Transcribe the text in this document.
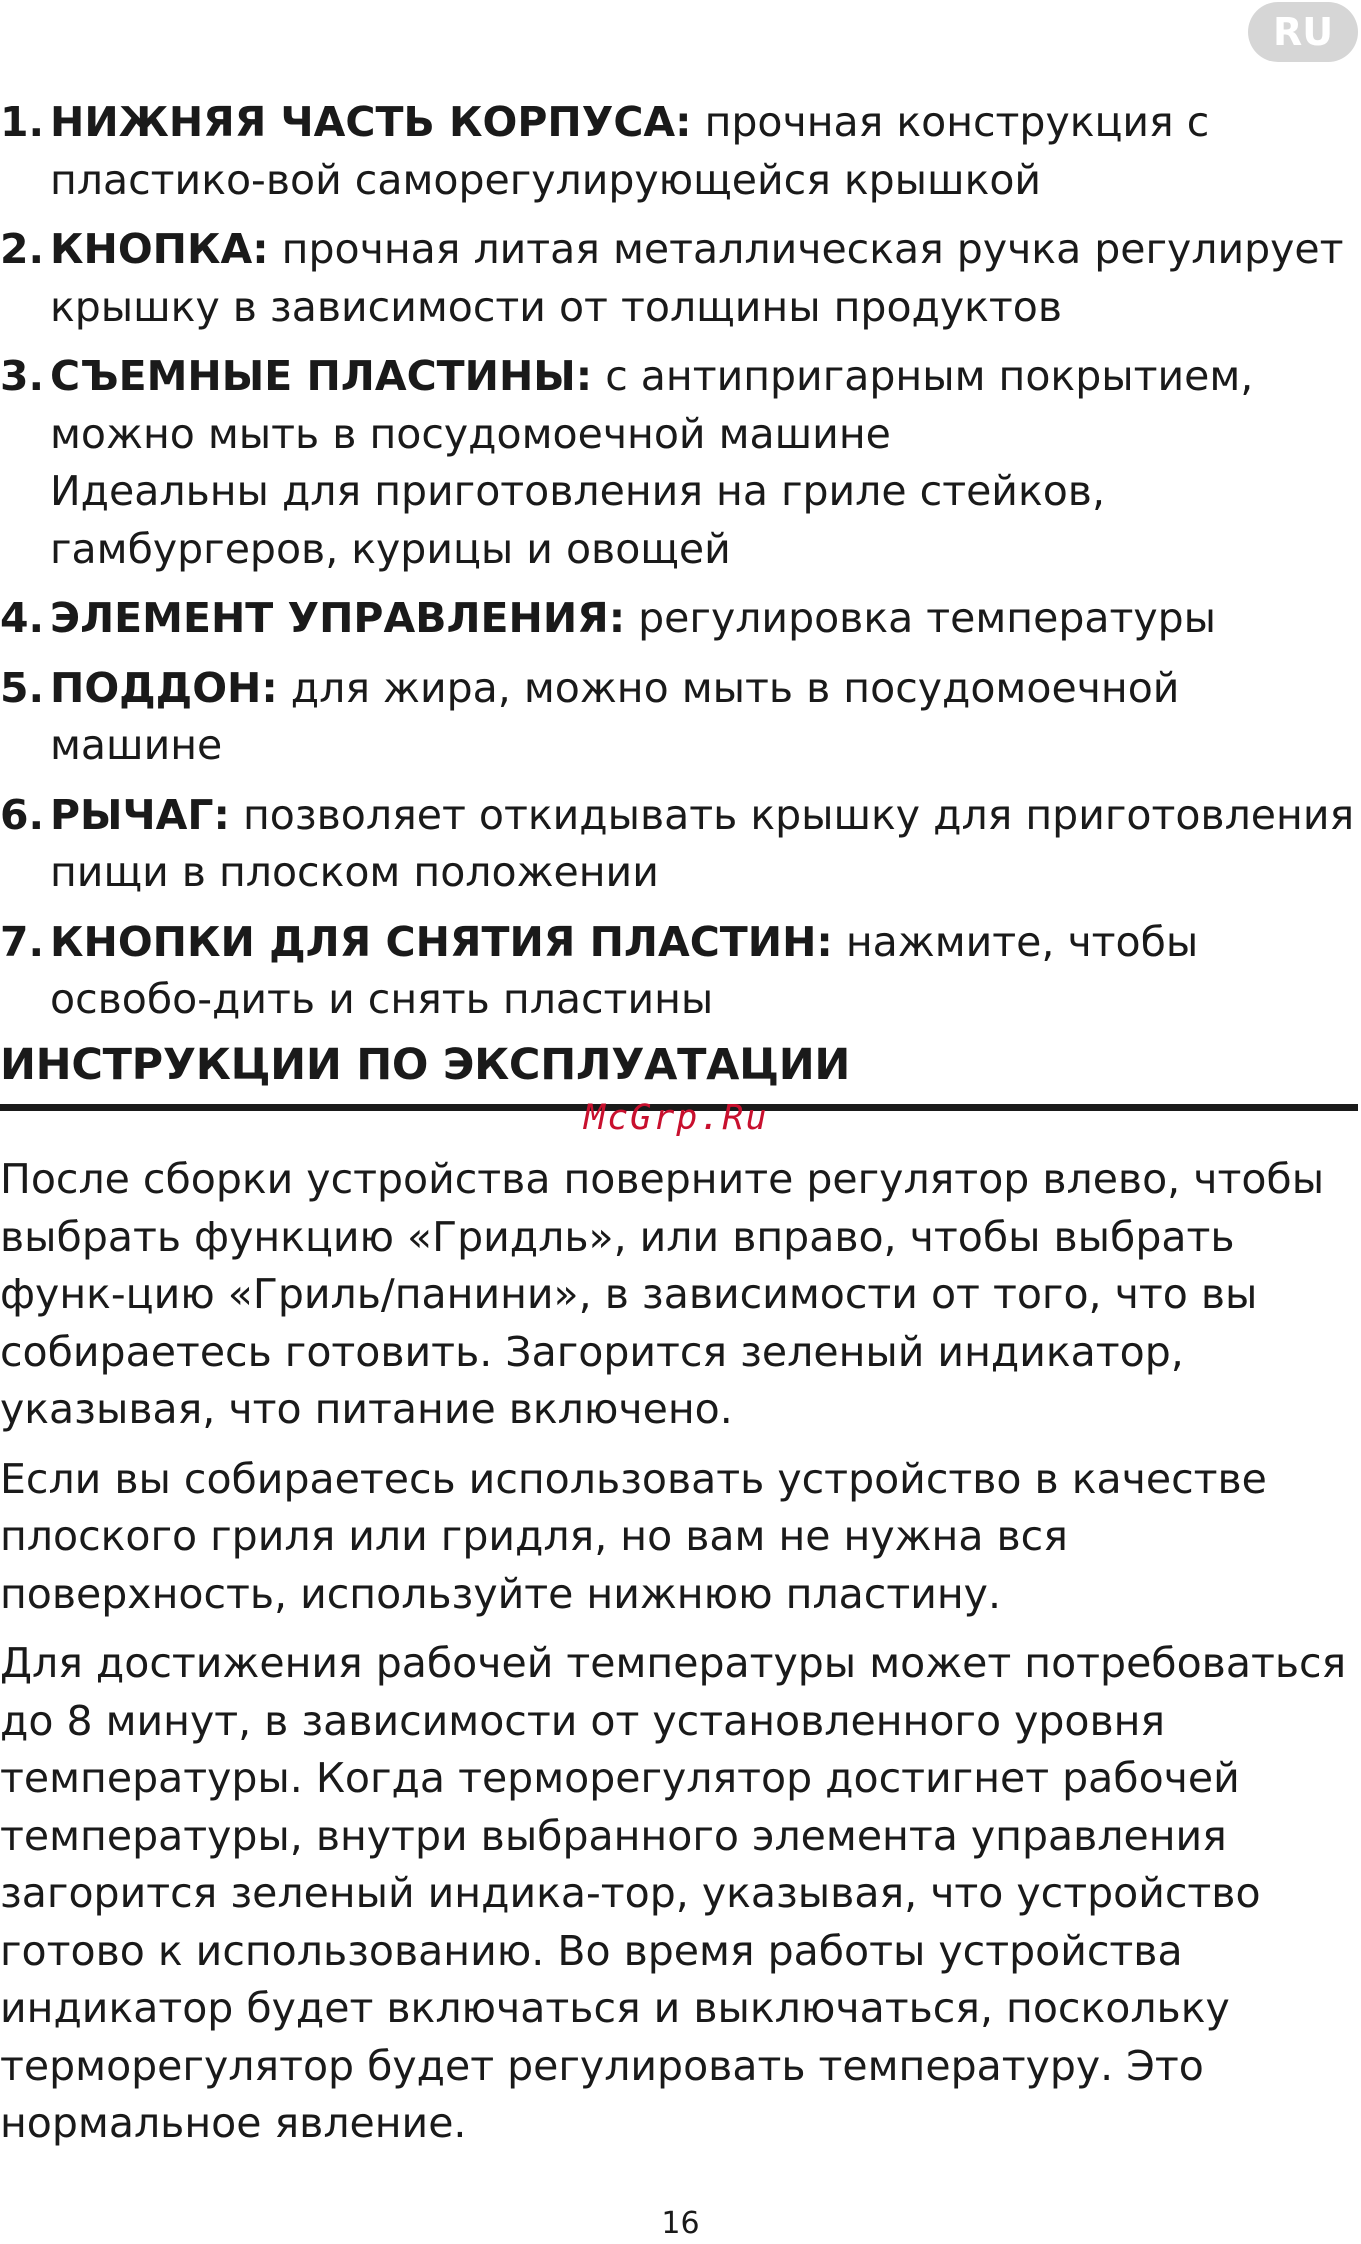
RU
1. НИЖНЯЯ ЧАСТЬ КОРПУСА: прочная конструкция с пластико-вой саморегулирующейся крышкой
2. КНОПКА: прочная литая металлическая ручка регулирует крышку в зависимости от толщины продуктов
3. СЪЕМНЫЕ ПЛАСТИНЫ: с антипригарным покрытием, можно мыть в посудомоечной машине
Идеальны для приготовления на гриле стейков, гамбургеров, курицы и овощей
4. ЭЛЕМЕНТ УПРАВЛЕНИЯ: регулировка температуры
5. ПОДДОН: для жира, можно мыть в посудомоечной машине
6. РЫЧАГ: позволяет откидывать крышку для приготовления пищи в плоском положении
7. КНОПКИ ДЛЯ СНЯТИЯ ПЛАСТИН: нажмите, чтобы освобо-дить и снять пластины
ИНСТРУКЦИИ ПО ЭКСПЛУАТАЦИИ
McGrp.Ru

После сборки устройства поверните регулятор влево, чтобы выбрать функцию «Гридль», или вправо, чтобы выбрать функ-цию «Гриль/панини», в зависимости от того, что вы собираетесь готовить. Загорится зеленый индикатор, указывая, что питание включено.

Если вы собираетесь использовать устройство в качестве плоского гриля или гридля, но вам не нужна вся поверхность, используйте нижнюю пластину.

Для достижения рабочей температуры может потребоваться до 8 минут, в зависимости от установленного уровня температуры. Когда терморегулятор достигнет рабочей температуры, внутри выбранного элемента управления загорится зеленый индика-тор, указывая, что устройство готово к использованию. Во время работы устройства индикатор будет включаться и выключаться, поскольку терморегулятор будет регулировать температуру. Это нормальное явление.

16
